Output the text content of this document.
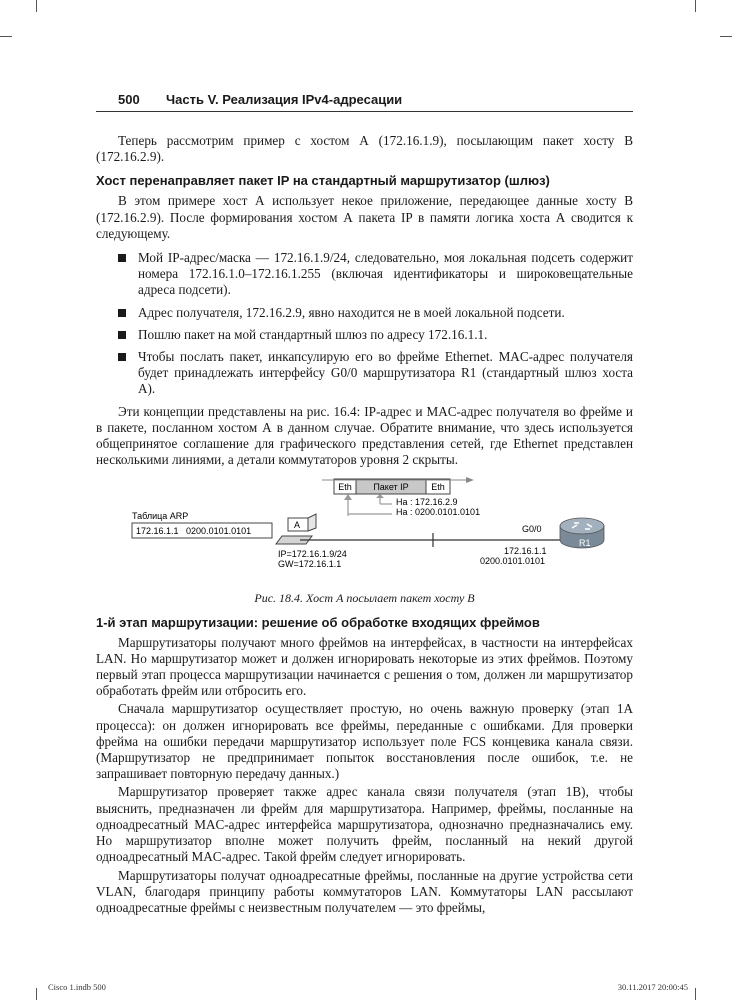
500 Часть V. Реализация IPv4-адресации

Теперь рассмотрим пример с хостом А (172.16.1.9), посылающим пакет хосту В (172.16.2.9).

Хост перенаправляет пакет IP на стандартный маршрутизатор (шлюз)

В этом примере хост А использует некое приложение, передающее данные хосту В (172.16.2.9). После формирования хостом А пакета IP в памяти логика хоста А сводится к следующему.

Мой IP-адрес/маска — 172.16.1.9/24, следовательно, моя локальная подсеть содержит номера 172.16.1.0–172.16.1.255 (включая идентификаторы и широковещательные адреса подсети).
Адрес получателя, 172.16.2.9, явно находится не в моей локальной подсети.
Пошлю пакет на мой стандартный шлюз по адресу 172.16.1.1.
Чтобы послать пакет, инкапсулирую его во фрейме Ethernet. MAC-адрес получателя будет принадлежать интерфейсу G0/0 маршрутизатора R1 (стандартный шлюз хоста А).

Эти концепции представлены на рис. 16.4: IP-адрес и MAC-адрес получателя во фрейме и в пакете, посланном хостом А в данном случае. Обратите внимание, что здесь используется общепринятое соглашение для графического представления сетей, где Ethernet представлен несколькими линиями, а детали коммутаторов уровня 2 скрыты.

Eth Пакет IP	Eth
На : 172.16.2.9
На : 0200.0101.0101
Таблица ARP
172.16.1.1   0200.0101.0101
A
IP=172.16.1.9/24
GW=172.16.1.1
G0/0
R1
172.16.1.1
0200.0101.0101
Рис. 18.4. Хост А посылает пакет хосту В
1-й этап маршрутизации: решение об обработке входящих фреймов

Маршрутизаторы получают много фреймов на интерфейсах, в частности на интерфейсах LAN. Но маршрутизатор может и должен игнорировать некоторые из этих фреймов. Поэтому первый этап процесса маршрутизации начинается с решения о том, должен ли маршрутизатор обработать фрейм или отбросить его.

Сначала маршрутизатор осуществляет простую, но очень важную проверку (этап 1А процесса): он должен игнорировать все фреймы, переданные с ошибками. Для проверки фрейма на ошибки передачи маршрутизатор использует поле FCS концевика канала связи. (Маршрутизатор не предпринимает попыток восстановления после ошибок, т.е. не запрашивает повторную передачу данных.)

Маршрутизатор проверяет также адрес канала связи получателя (этап 1В), чтобы выяснить, предназначен ли фрейм для маршрутизатора. Например, фреймы, посланные на одноадресатный MAC-адрес интерфейса маршрутизатора, однозначно предназначались ему. Но маршрутизатор вполне может получить фрейм, посланный на некий другой одноадресатный MAC-адрес. Такой фрейм следует игнорировать.

Маршрутизаторы получат одноадресатные фреймы, посланные на другие устройства сети VLAN, благодаря принципу работы коммутаторов LAN. Коммутаторы LAN рассылают одноадресатные фреймы с неизвестным получателем — это фреймы,

Cisco 1.indb 500	30.11.2017 20:00:45
